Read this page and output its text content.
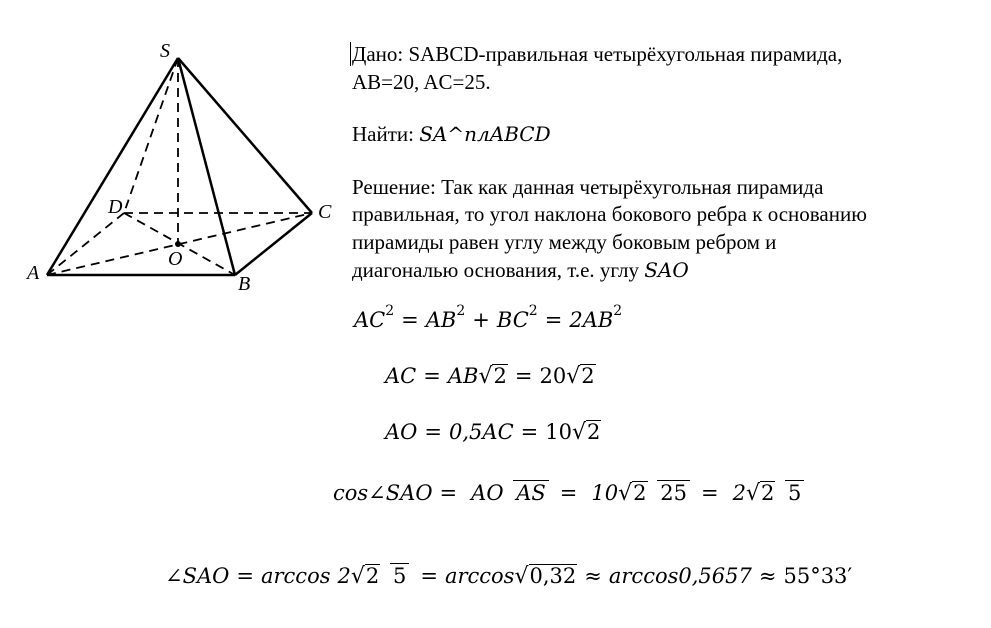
S
A	B
C
D
O
Дано: SABCD-правильная четырёхугольная пирамида,
AB=20, AC=25.
Найти: SA^плABCD
Решение: Так как данная четырёхугольная пирамида
правильная, то угол наклона бокового ребра к основанию
пирамиды равен углу между боковым ребром и
диагональю основания, т.е. углу SAO
AC 2 = AB 2 + BC 2 = 2AB 2
AC = AB √2 = 20 √2
AO = 0,5AC = 10 √2
cos∠SAO = AO AS = 10√2 25 = 2√2 5
∠SAO = arccos 2√2 5 = arccos √0,32 ≈ arccos0,5657 ≈ 55°33′
